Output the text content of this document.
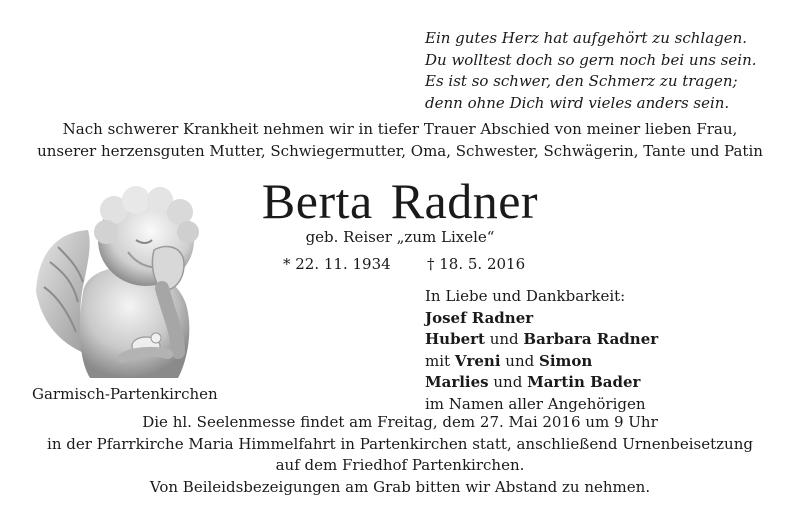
Ein gutes Herz hat aufgehört zu schlagen.
Du wolltest doch so gern noch bei uns sein.
Es ist so schwer, den Schmerz zu tragen;
denn ohne Dich wird vieles anders sein.
Nach schwerer Krankheit nehmen wir in tiefer Trauer Abschied von meiner lieben Frau,
unserer herzensguten Mutter, Schwiegermutter, Oma, Schwester, Schwägerin, Tante und Patin
Berta Radner
geb. Reiser „zum Lixele“
* 22. 11. 1934 † 18. 5. 2016
Garmisch-Partenkirchen
In Liebe und Dankbarkeit:
Josef Radner
Hubert und Barbara Radner
mit Vreni und Simon
Marlies und Martin Bader
im Namen aller Angehörigen
Die hl. Seelenmesse findet am Freitag, dem 27. Mai 2016 um 9 Uhr
in der Pfarrkirche Maria Himmelfahrt in Partenkirchen statt, anschließend Urnenbeisetzung
auf dem Friedhof Partenkirchen.
Von Beileidsbezeigungen am Grab bitten wir Abstand zu nehmen.
